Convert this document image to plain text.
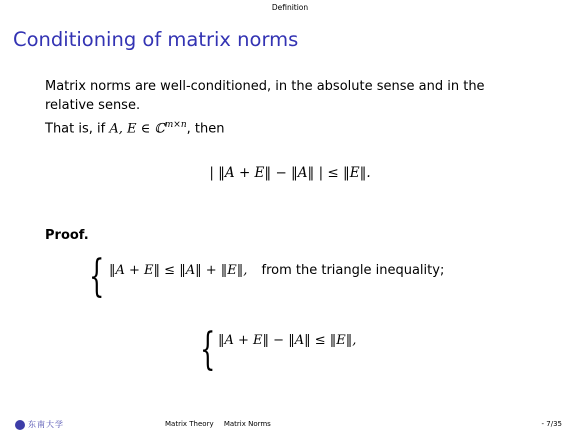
Definition
Conditioning of matrix norms
Matrix norms are well-conditioned, in the absolute sense and in the
relative sense.
That is, if A, E ∈ ℂ$^{m\times n}$, then
| ‖A + E‖ − ‖A‖ | ≤ ‖E‖.
Proof.
{ ‖A + E‖ ≤ ‖A‖ + ‖E‖, from the triangle inequality;
{ ‖A + E‖ − ‖A‖ ≤ ‖E‖,
东南大学	Matrix Theory Matrix Norms	- 7/35
